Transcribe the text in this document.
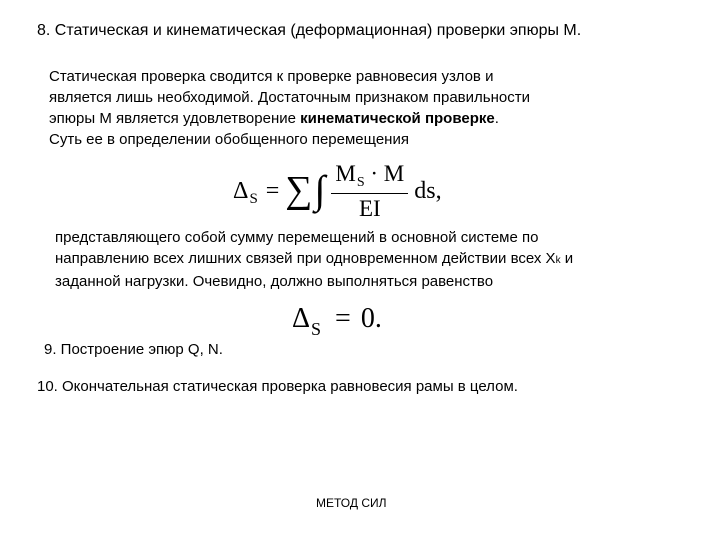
8. Статическая и кинематическая (деформационная) проверки эпюры М.
Статическая проверка сводится к проверке равновесия узлов и
является лишь необходимой. Достаточным признаком правильности
эпюры М является удовлетворение кинематической проверке.
Суть ее в определении обобщенного перемещения
Δ S = ∑ ∫ $\frac{M_S \cdot M}{EI}$ ds,
представляющего собой сумму перемещений в основной системе по
направлению всех лишних связей при одновременном действии всех Xk и
заданной нагрузки. Очевидно, должно выполняться равенство
Δ S = 0.
9. Построение эпюр Q, N.
10. Окончательная статическая проверка равновесия рамы в целом.
МЕТОД СИЛ
